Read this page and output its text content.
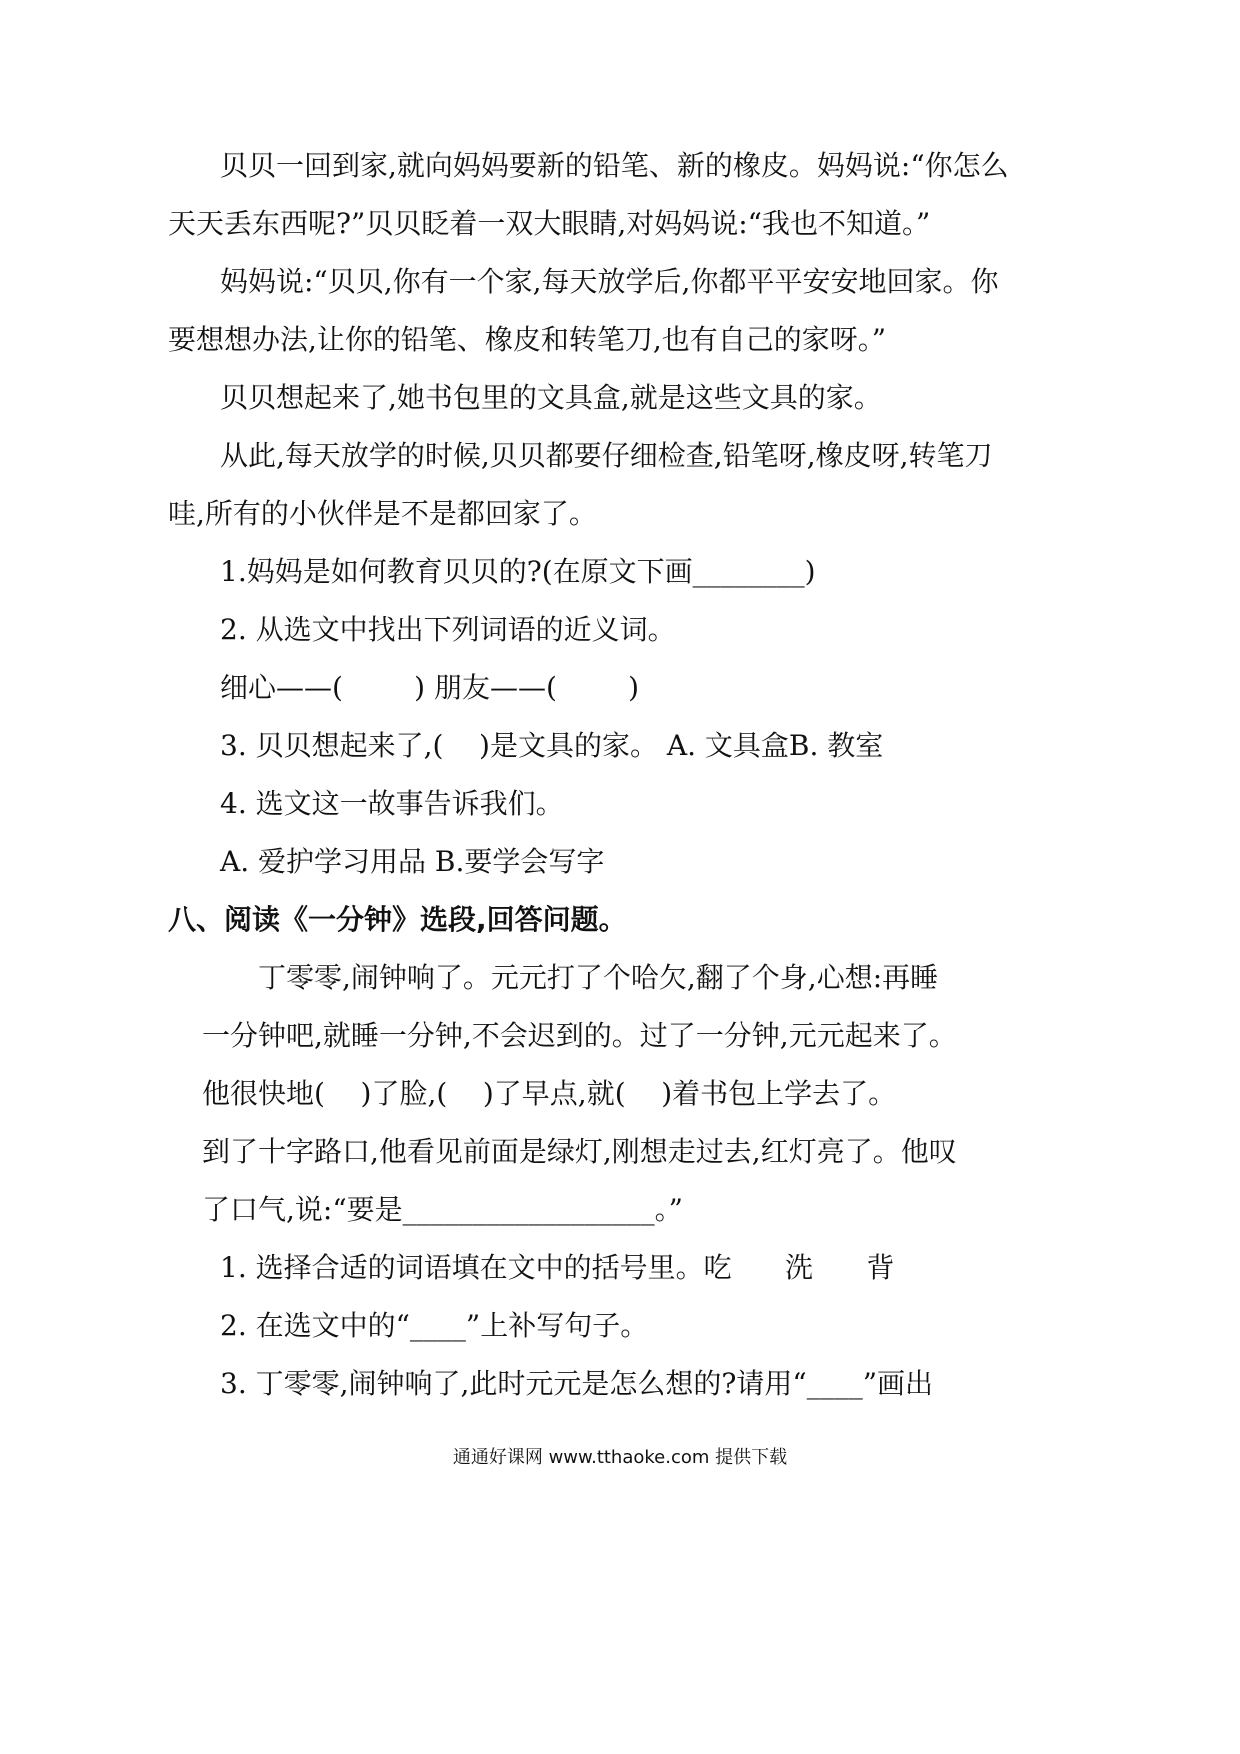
贝贝一回到家,就向妈妈要新的铅笔、新的橡皮。妈妈说:“你怎么
天天丢东西呢?”贝贝眨着一双大眼睛,对妈妈说:“我也不知道。”
妈妈说:“贝贝,你有一个家,每天放学后,你都平平安安地回家。你
要想想办法,让你的铅笔、橡皮和转笔刀,也有自己的家呀。”
贝贝想起来了,她书包里的文具盒,就是这些文具的家。
从此,每天放学的时候,贝贝都要仔细检查,铅笔呀,橡皮呀,转笔刀
哇,所有的小伙伴是不是都回家了。
1.妈妈是如何教育贝贝的?(在原文下画________)
2. 从选文中找出下列词语的近义词。
细心——(        ) 朋友——(        )
3. 贝贝想起来了,(    )是文具的家。 A. 文具盒B. 教室
4. 选文这一故事告诉我们。
A. 爱护学习用品 B.要学会写字
八、阅读《一分钟》选段,回答问题。
丁零零,闹钟响了。元元打了个哈欠,翻了个身,心想:再睡
一分钟吧,就睡一分钟,不会迟到的。过了一分钟,元元起来了。
他很快地(    )了脸,(    )了早点,就(    )着书包上学去了。
到了十字路口,他看见前面是绿灯,刚想走过去,红灯亮了。他叹
了口气,说:“要是__________________。”
1. 选择合适的词语填在文中的括号里。吃      洗      背
2. 在选文中的“____”上补写句子。
3. 丁零零,闹钟响了,此时元元是怎么想的?请用“____”画出
通通好课网 www.tthaoke.com 提供下载
